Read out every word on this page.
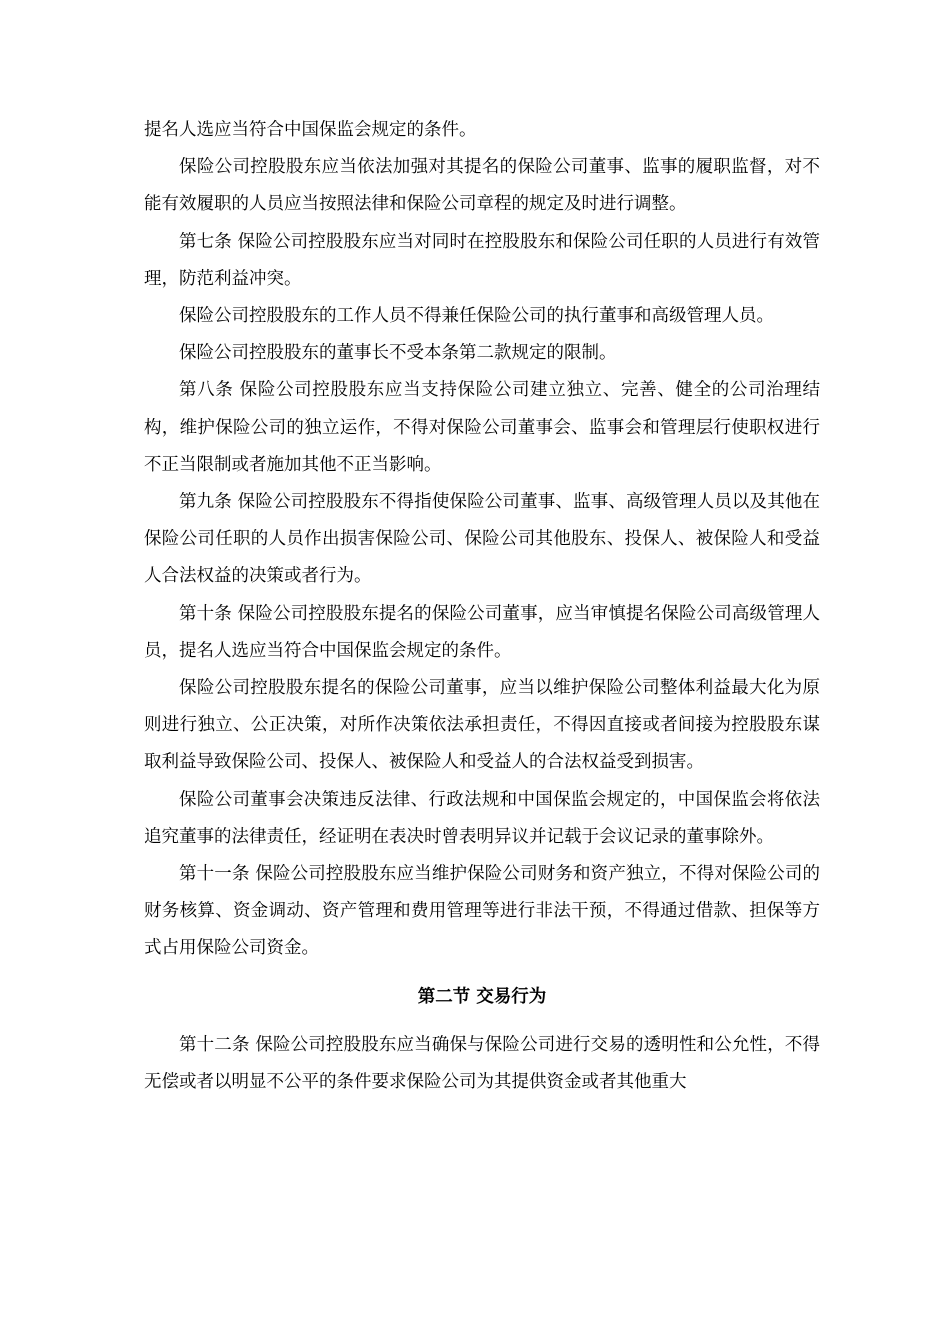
提名人选应当符合中国保监会规定的条件。

保险公司控股股东应当依法加强对其提名的保险公司董事、监事的履职监督，对不能有效履职的人员应当按照法律和保险公司章程的规定及时进行调整。

第七条 保险公司控股股东应当对同时在控股股东和保险公司任职的人员进行有效管理，防范利益冲突。

保险公司控股股东的工作人员不得兼任保险公司的执行董事和高级管理人员。

保险公司控股股东的董事长不受本条第二款规定的限制。

第八条 保险公司控股股东应当支持保险公司建立独立、完善、健全的公司治理结构，维护保险公司的独立运作，不得对保险公司董事会、监事会和管理层行使职权进行不正当限制或者施加其他不正当影响。

第九条 保险公司控股股东不得指使保险公司董事、监事、高级管理人员以及其他在保险公司任职的人员作出损害保险公司、保险公司其他股东、投保人、被保险人和受益人合法权益的决策或者行为。

第十条 保险公司控股股东提名的保险公司董事，应当审慎提名保险公司高级管理人员，提名人选应当符合中国保监会规定的条件。

保险公司控股股东提名的保险公司董事，应当以维护保险公司整体利益最大化为原则进行独立、公正决策，对所作决策依法承担责任，不得因直接或者间接为控股股东谋取利益导致保险公司、投保人、被保险人和受益人的合法权益受到损害。

保险公司董事会决策违反法律、行政法规和中国保监会规定的，中国保监会将依法追究董事的法律责任，经证明在表决时曾表明异议并记载于会议记录的董事除外。

第十一条 保险公司控股股东应当维护保险公司财务和资产独立，不得对保险公司的财务核算、资金调动、资产管理和费用管理等进行非法干预，不得通过借款、担保等方式占用保险公司资金。

第二节 交易行为

第十二条 保险公司控股股东应当确保与保险公司进行交易的透明性和公允性，不得无偿或者以明显不公平的条件要求保险公司为其提供资金或者其他重大
